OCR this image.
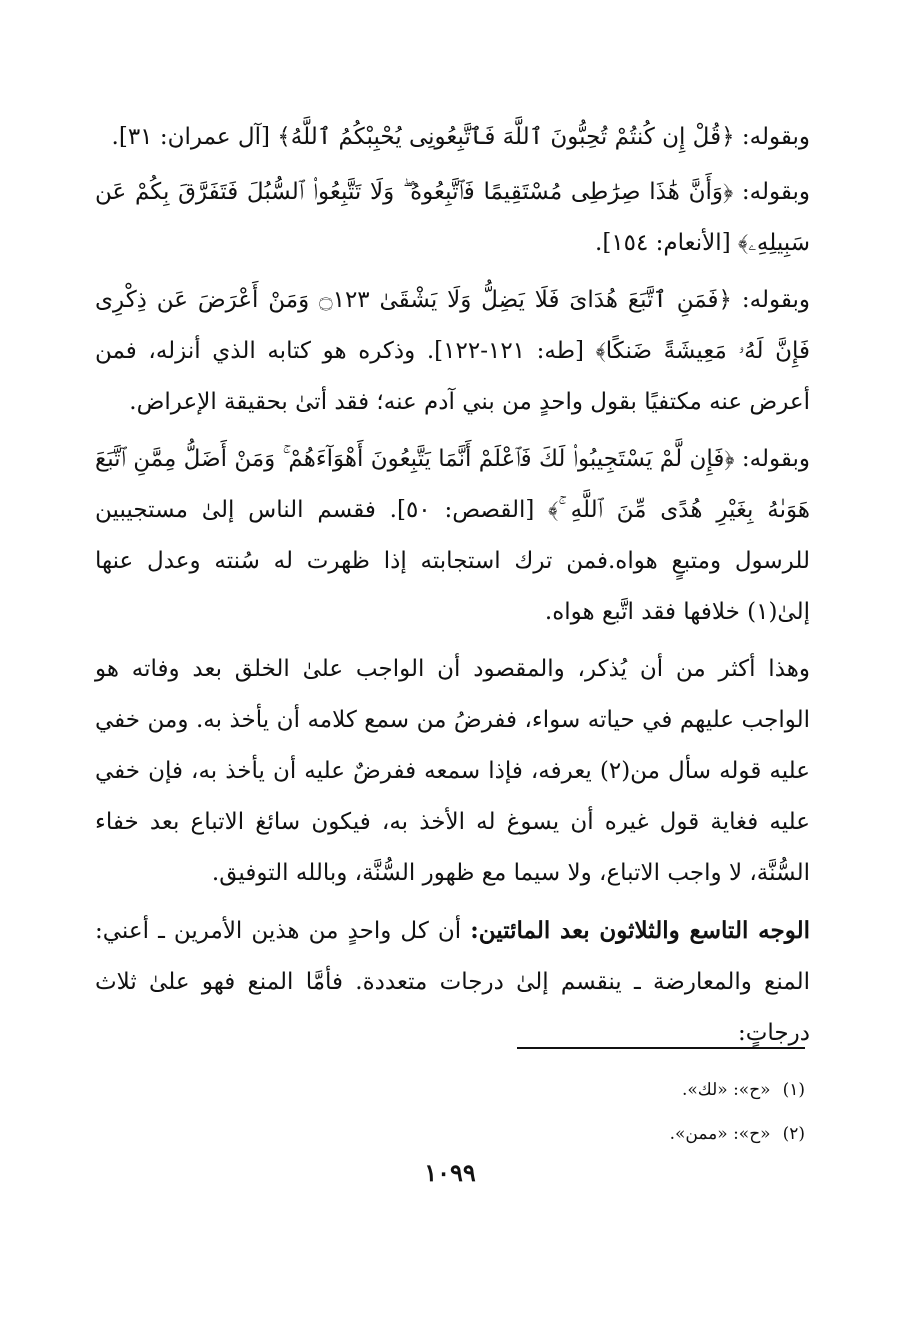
وبقوله: ﴿قُلْ إِن كُنتُمْ تُحِبُّونَ ٱللَّهَ فَٱتَّبِعُونِى يُحْبِبْكُمُ ٱللَّهُ﴾ [آل عمران: ٣١].

وبقوله: ﴿وَأَنَّ هَٰذَا صِرَٰطِى مُسْتَقِيمًا فَٱتَّبِعُوهُ ۖ وَلَا تَتَّبِعُوا۟ ٱلسُّبُلَ فَتَفَرَّقَ بِكُمْ عَن سَبِيلِهِۦ﴾ [الأنعام: ١٥٤].

وبقوله: ﴿فَمَنِ ٱتَّبَعَ هُدَاىَ فَلَا يَضِلُّ وَلَا يَشْقَىٰ ۝١٢٣ وَمَنْ أَعْرَضَ عَن ذِكْرِى فَإِنَّ لَهُۥ مَعِيشَةً ضَنكًا﴾ [طه: ١٢١-١٢٢]. وذكره هو كتابه الذي أنزله، فمن أعرض عنه مكتفيًا بقول واحدٍ من بني آدم عنه؛ فقد أتىٰ بحقيقة الإعراض.

وبقوله: ﴿فَإِن لَّمْ يَسْتَجِيبُوا۟ لَكَ فَٱعْلَمْ أَنَّمَا يَتَّبِعُونَ أَهْوَآءَهُمْ ۚ وَمَنْ أَضَلُّ مِمَّنِ ٱتَّبَعَ هَوَىٰهُ بِغَيْرِ هُدًى مِّنَ ٱللَّهِ ۚ﴾ [القصص: ٥٠]. فقسم الناس إلىٰ مستجيبين للرسول ومتبعٍ هواه.فمن ترك استجابته إذا ظهرت له سُنته وعدل عنها إلىٰ(١) خلافها فقد اتَّبع هواه.

وهذا أكثر من أن يُذكر، والمقصود أن الواجب علىٰ الخلق بعد وفاته هو الواجب عليهم في حياته سواء، ففرضُ من سمع كلامه أن يأخذ به. ومن خفي عليه قوله سأل من(٢) يعرفه، فإذا سمعه ففرضٌ عليه أن يأخذ به، فإن خفي عليه فغاية قول غيره أن يسوغ له الأخذ به، فيكون سائغ الاتباع بعد خفاء السُّنَّة، لا واجب الاتباع، ولا سيما مع ظهور السُّنَّة، وبالله التوفيق.

الوجه التاسع والثلاثون بعد المائتين: أن كل واحدٍ من هذين الأمرين ـ أعني: المنع والمعارضة ـ ينقسم إلىٰ درجات متعددة. فأمَّا المنع فهو علىٰ ثلاث درجاتٍ:

(١)«ح»: «لك».
(٢)«ح»: «ممن».
١٠٩٩
